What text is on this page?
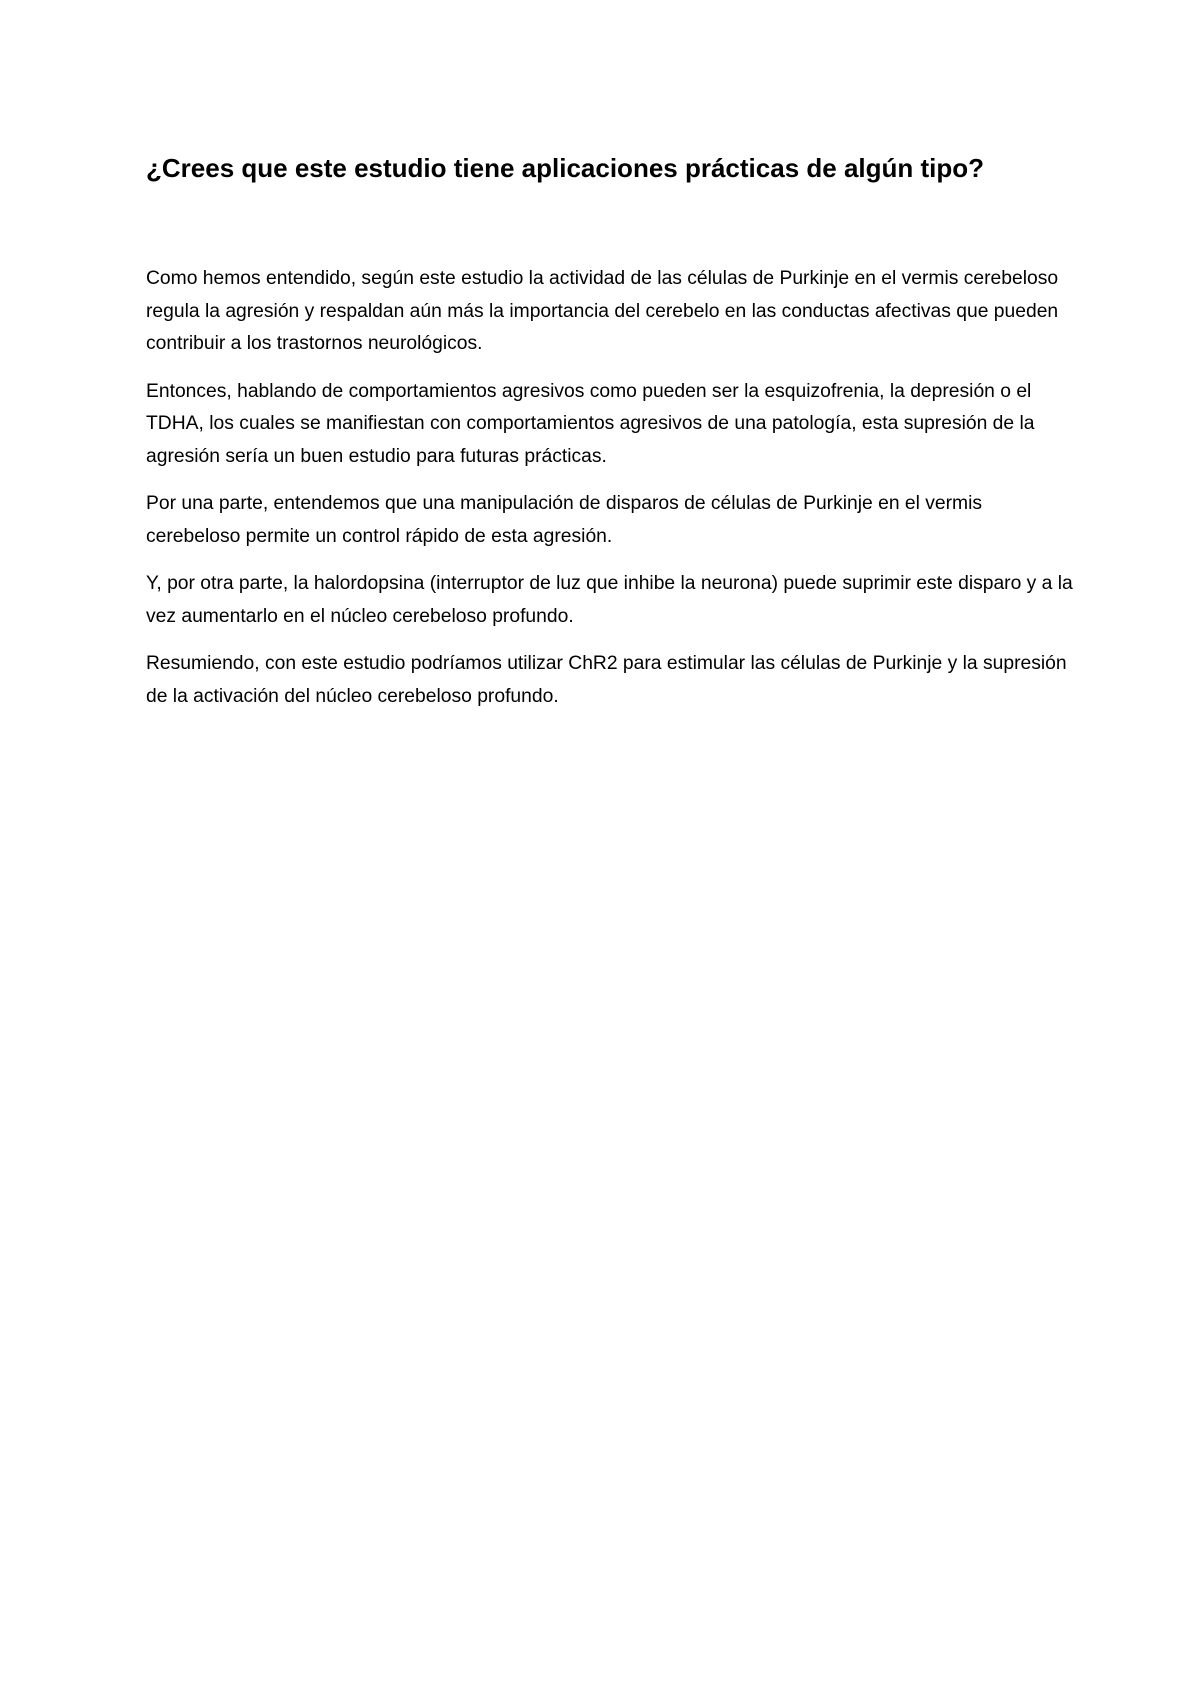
¿Crees que este estudio tiene aplicaciones prácticas de algún tipo?

Como hemos entendido, según este estudio la actividad de las células de Purkinje en el vermis cerebeloso regula la agresión y respaldan aún más la importancia del cerebelo en las conductas afectivas que pueden contribuir a los trastornos neurológicos.

Entonces, hablando de comportamientos agresivos como pueden ser la esquizofrenia, la depresión o el TDHA, los cuales se manifiestan con comportamientos agresivos de una patología, esta supresión de la agresión sería un buen estudio para futuras prácticas.

Por una parte, entendemos que una manipulación de disparos de células de Purkinje en el vermis cerebeloso permite un control rápido de esta agresión.

Y, por otra parte, la halordopsina (interruptor de luz que inhibe la neurona) puede suprimir este disparo y a la vez aumentarlo en el núcleo cerebeloso profundo.

Resumiendo, con este estudio podríamos utilizar ChR2 para estimular las células de Purkinje y la supresión de la activación del núcleo cerebeloso profundo.
